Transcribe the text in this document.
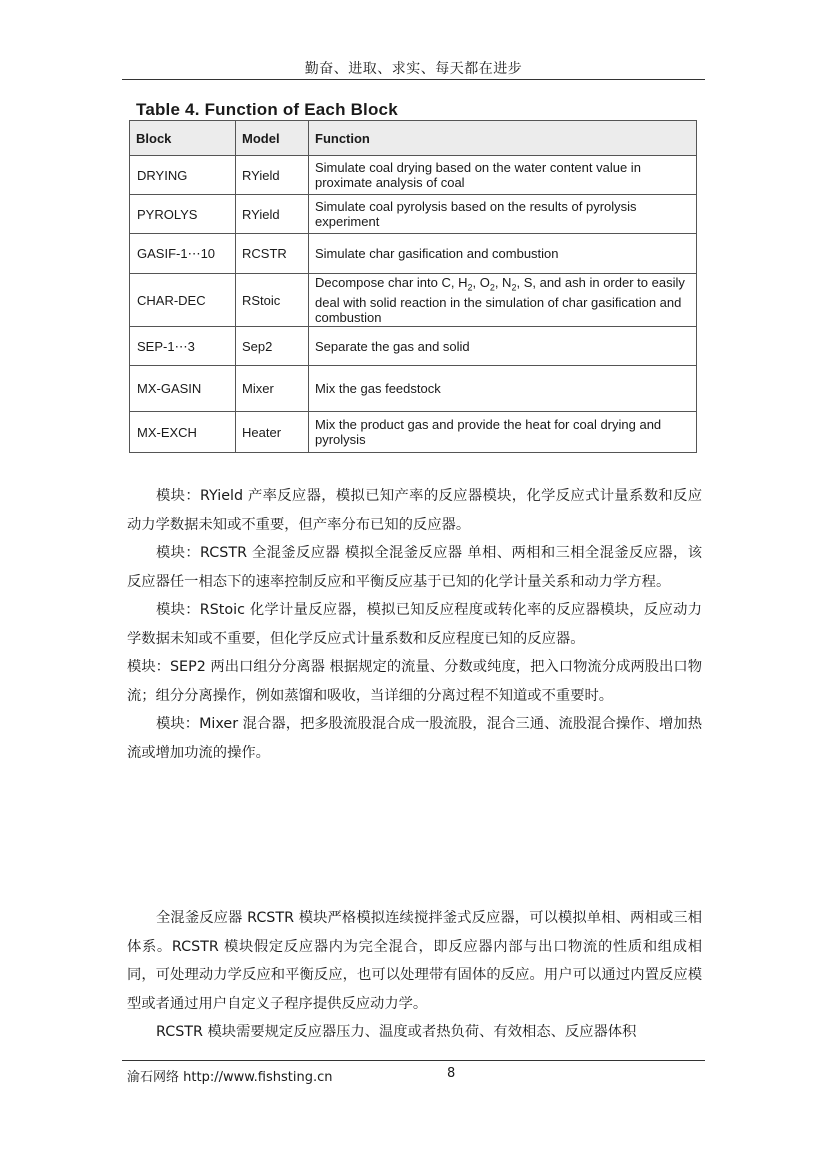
勤奋、进取、求实、每天都在进步
Table 4. Function of Each Block
Block	Model	Function
DRYING	RYield	Simulate coal drying based on the water content value in proximate analysis of coal
PYROLYS	RYield	Simulate coal pyrolysis based on the results of pyrolysis experiment
GASIF-1⋯10	RCSTR	Simulate char gasification and combustion
CHAR-DEC	RStoic	Decompose char into C, $H_2$, $O_2$, $N_2$, S, and ash in order to easily deal with solid reaction in the simulation of char gasification and combustion
SEP-1⋯3	Sep2	Separate the gas and solid
MX-GASIN	Mixer	Mix the gas feedstock
MX-EXCH	Heater	Mix the product gas and provide the heat for coal drying and pyrolysis

模块：RYield 产率反应器，模拟已知产率的反应器模块，化学反应式计量系数和反应动力学数据未知或不重要，但产率分布已知的反应器。

模块：RCSTR 全混釜反应器 模拟全混釜反应器 单相、两相和三相全混釜反应器，该反应器任一相态下的速率控制反应和平衡反应基于已知的化学计量关系和动力学方程。

模块：RStoic 化学计量反应器，模拟已知反应程度或转化率的反应器模块，反应动力学数据未知或不重要，但化学反应式计量系数和反应程度已知的反应器。

模块：SEP2 两出口组分分离器 根据规定的流量、分数或纯度，把入口物流分成两股出口物流；组分分离操作，例如蒸馏和吸收，当详细的分离过程不知道或不重要时。

模块：Mixer 混合器，把多股流股混合成一股流股，混合三通、流股混合操作、增加热流或增加功流的操作。

全混釜反应器 RCSTR 模块严格模拟连续搅拌釜式反应器，可以模拟单相、两相或三相体系。RCSTR 模块假定反应器内为完全混合，即反应器内部与出口物流的性质和组成相同，可处理动力学反应和平衡反应，也可以处理带有固体的反应。用户可以通过内置反应模型或者通过用户自定义子程序提供反应动力学。

RCSTR 模块需要规定反应器压力、温度或者热负荷、有效相态、反应器体积

渝石网络 http://www.fishsting.cn	8
